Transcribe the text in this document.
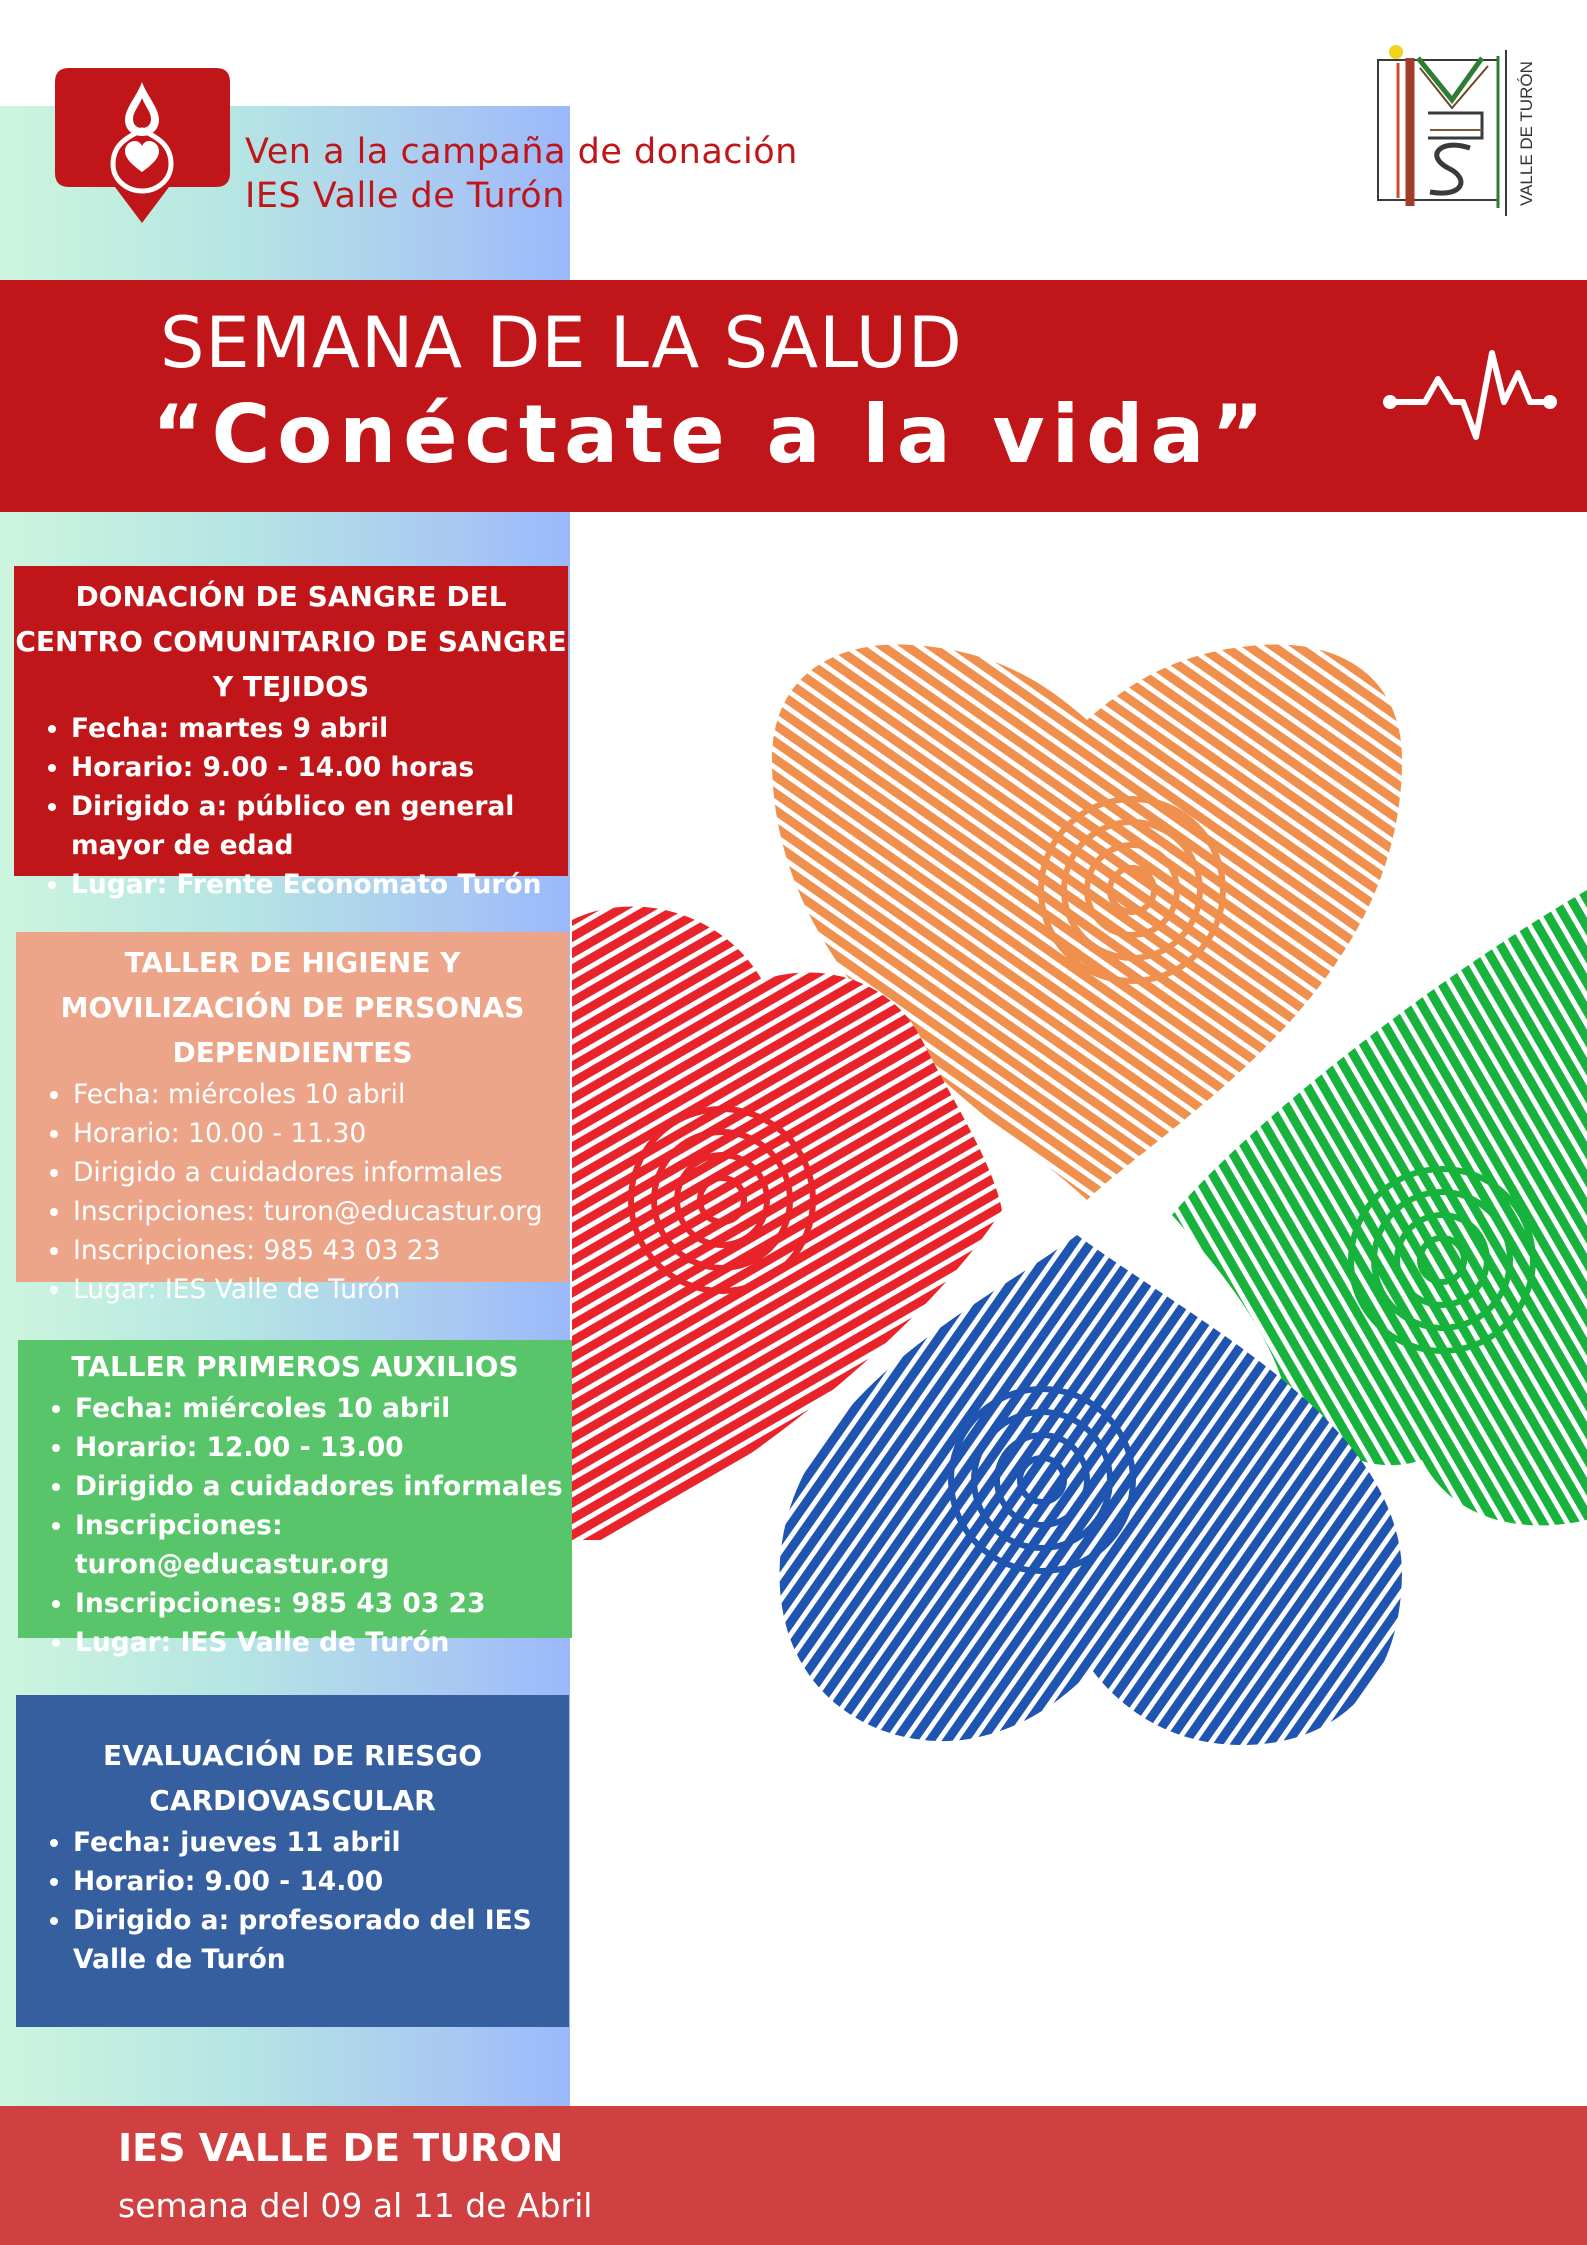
Ven a la campaña de donación
IES Valle de Turón	VALLE DE TURÓN
SEMANA DE LA SALUD
“Conéctate a la vida”

DONACIÓN DE SANGRE DEL CENTRO COMUNITARIO DE SANGRE Y TEJIDOS

• Fecha: martes 9 abril
• Horario: 9.00 - 14.00 horas
• Dirigido a: público en general mayor de edad
• Lugar: Frente Economato Turón

TALLER DE HIGIENE Y MOVILIZACIÓN DE PERSONAS DEPENDIENTES

• Fecha: miércoles 10 abril
• Horario: 10.00 - 11.30
• Dirigido a cuidadores informales
• Inscripciones: turon@educastur.org
• Inscripciones: 985 43 03 23
• Lugar: IES Valle de Turón

TALLER PRIMEROS AUXILIOS

• Fecha: miércoles 10 abril
• Horario: 12.00 - 13.00
• Dirigido a cuidadores informales
• Inscripciones: turon@educastur.org
• Inscripciones: 985 43 03 23
• Lugar: IES Valle de Turón

EVALUACIÓN DE RIESGO CARDIOVASCULAR

• Fecha: jueves 11 abril
• Horario: 9.00 - 14.00
• Dirigido a: profesorado del IES Valle de Turón
IES VALLE DE TURON
semana del 09 al 11 de Abril
